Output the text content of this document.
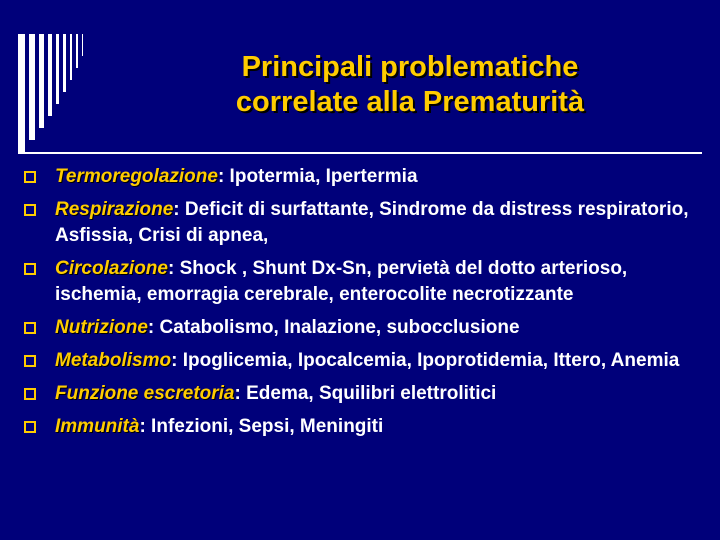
Principali problematiche
correlate alla Prematurità
Termoregolazione: Ipotermia, Ipertermia
Respirazione: Deficit di surfattante, Sindrome da distress respiratorio, Asfissia, Crisi di apnea,
Circolazione: Shock , Shunt Dx-Sn, pervietà del dotto arterioso, ischemia, emorragia cerebrale, enterocolite necrotizzante
Nutrizione: Catabolismo, Inalazione, subocclusione
Metabolismo: Ipoglicemia, Ipocalcemia, Ipoprotidemia, Ittero, Anemia
Funzione escretoria: Edema, Squilibri elettrolitici
Immunità: Infezioni, Sepsi, Meningiti
